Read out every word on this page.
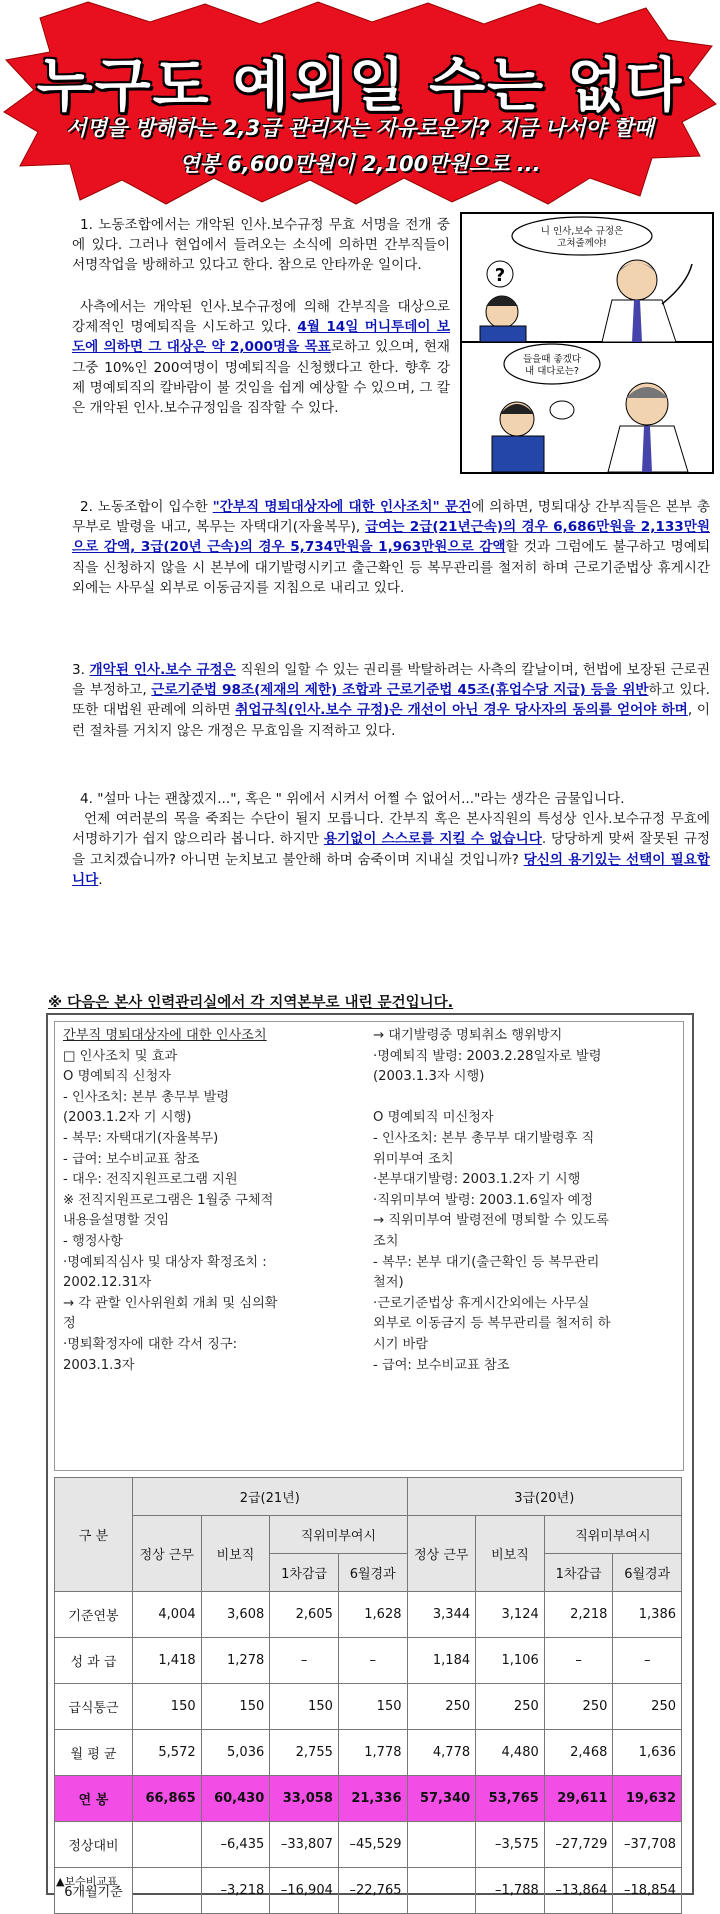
누구도 예외일 수는 없다
서명을 방해하는 2,3급 관리자는 자유로운가? 지금 나서야 할때
연봉 6,600만원이 2,100만원으로 ...
니 인사,보수 규정은
고쳐줄께야!
?
들을때 좋겠다
내 대다로는?
1. 노동조합에서는 개악된 인사.보수규정 무효 서명을 전개 중에 있다. 그러나 현업에서 들려오는 소식에 의하면 간부직들이 서명작업을 방해하고 있다고 한다. 참으로 안타까운 일이다.
사측에서는 개악된 인사.보수규정에 의해 간부직을 대상으로 강제적인 명예퇴직을 시도하고 있다. 4월 14일 머니투데이 보도에 의하면 그 대상은 약 2,000명을 목표로하고 있으며, 현재 그중 10%인 200여명이 명예퇴직을 신청했다고 한다. 향후 강제 명예퇴직의 칼바람이 불 것임을 쉽게 예상할 수 있으며, 그 칼은 개악된 인사.보수규정임을 짐작할 수 있다.
2. 노동조합이 입수한 "간부직 명퇴대상자에 대한 인사조치" 문건에 의하면, 명퇴대상 간부직들은 본부 총무부로 발령을 내고, 복무는 자택대기(자율복무), 급여는 2급(21년근속)의 경우 6,686만원을 2,133만원으로 감액, 3급(20년 근속)의 경우 5,734만원을 1,963만원으로 감액할 것과 그럼에도 불구하고 명예퇴직을 신청하지 않을 시 본부에 대기발령시키고 출근확인 등 복무관리를 철저히 하며 근로기준법상 휴게시간 외에는 사무실 외부로 이동금지를 지침으로 내리고 있다.
3. 개악된 인사.보수 규정은 직원의 일할 수 있는 권리를 박탈하려는 사측의 칼날이며, 헌법에 보장된 근로권을 부정하고, 근로기준법 98조(제재의 제한) 조합과 근로기준법 45조(휴업수당 지급) 등을 위반하고 있다. 또한 대법원 판례에 의하면 취업규칙(인사.보수 규정)은 개선이 아닌 경우 당사자의 동의를 얻어야 하며, 이런 절차를 거치지 않은 개정은 무효임을 지적하고 있다.
4. "설마 나는 괜찮겠지...", 혹은 " 위에서 시켜서 어쩔 수 없어서..."라는 생각은 금물입니다.
언제 여러분의 목을 죽죄는 수단이 될지 모릅니다. 간부직 혹은 본사직원의 특성상 인사.보수규정 무효에 서명하기가 쉽지 않으리라 봅니다. 하지만 용기없이 스스로를 지킬 수 없습니다. 당당하게 맞써 잘못된 규정을 고치겠습니까? 아니면 눈치보고 불안해 하며 숨죽이며 지내실 것입니까? 당신의 용기있는 선택이 필요합니다.
※ 다음은 본사 인력관리실에서 각 지역본부로 내린 문건입니다.
간부직 명퇴대상자에 대한 인사조치
□ 인사조치 및 효과
O 명예퇴직 신청자
- 인사조치: 본부 총무부 발령
(2003.1.2자 기 시행)
- 복무: 자택대기(자율복무)
- 급여: 보수비교표 참조
- 대우: 전직지원프로그램 지원
※ 전직지원프로그램은 1월중 구체적
내용을설명할 것임
- 행정사항
·명예퇴직심사 및 대상자 확정조치 :
2002.12.31자
→ 각 관할 인사위원회 개최 및 심의확
정
·명퇴확정자에 대한 각서 징구:
2003.1.3자
→ 대기발령중 명퇴취소 행위방지
·명예퇴직 발령: 2003.2.28일자로 발령
(2003.1.3자 시행)
O 명예퇴직 미신청자
- 인사조치: 본부 총무부 대기발령후 직
위미부여 조치
·본부대기발령: 2003.1.2자 기 시행
·직위미부여 발령: 2003.1.6일자 예정
→ 직위미부여 발령전에 명퇴할 수 있도록
조치
- 복무: 본부 대기(출근확인 등 복무관리
철저)
·근로기준법상 휴게시간외에는 사무실
외부로 이동금지 등 복무관리를 철저히 하
시기 바람
- 급여: 보수비교표 참조
구 분	2급(21년)				3급(20년)			
	정상 근무	비보직	직위미부여시		정상 근무	비보직	직위미부여시	
			1차감급	6월경과			1차감급	6월경과
기준연봉	4,004	3,608	2,605	1,628	3,344	3,124	2,218	1,386
성 과 급	1,418	1,278	–	–	1,184	1,106	–	–
급식통근	150	150	150	150	250	250	250	250
월 평 균	5,572	5,036	2,755	1,778	4,778	4,480	2,468	1,636
연 봉	66,865	60,430	33,058	21,336	57,340	53,765	29,611	19,632
정상대비		–6,435	–33,807	–45,529		–3,575	–27,729	–37,708
6개월기준		–3,218	–16,904	–22,765		–1,788	–13,864	–18,854
▲보수비교표
